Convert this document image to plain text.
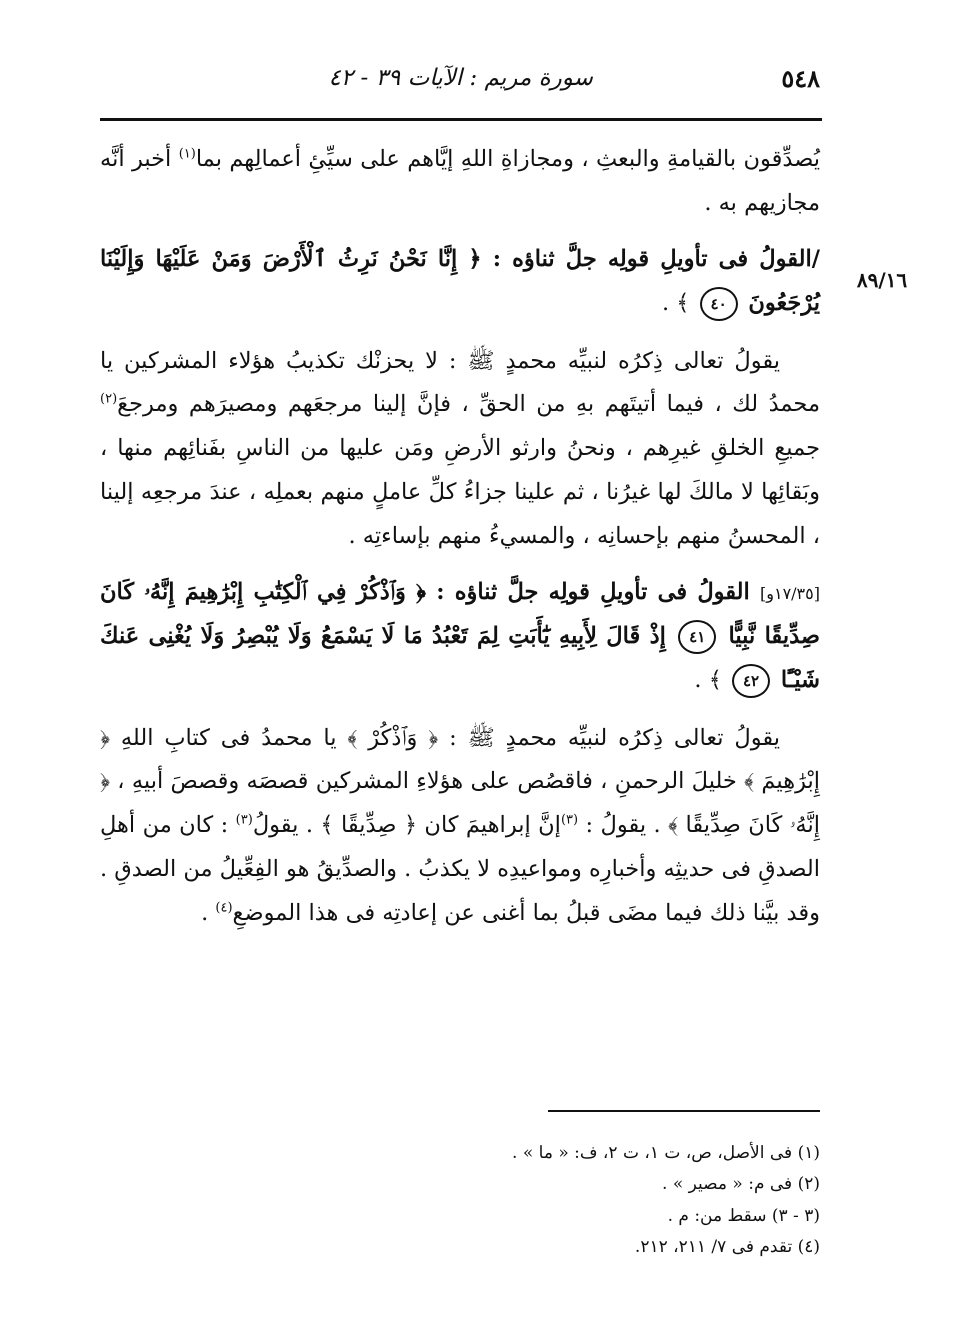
٥٤٨
سورة مريم : الآيات ٣٩ - ٤٢
٨٩/١٦

يُصدِّقون بالقيامةِ والبعثِ ، ومجازاةِ اللهِ إيَّاهم على سيِّئِ أعمالِهم بما$^{(١)}$ أخبر أنَّه مجازيهم به .

/القولُ فى تأويلِ قولِه جلَّ ثناؤه : ﴿ إِنَّا نَحْنُ نَرِثُ ٱلْأَرْضَ وَمَنْ عَلَيْهَا وَإِلَيْنَا يُرْجَعُونَ ٤٠ ﴾ .

يقولُ تعالى ذِكرُه لنبيِّه محمدٍ ﷺ : لا يحزنْك تكذيبُ هؤلاء المشركين يا محمدُ لك ، فيما أتيتَهم بهِ من الحقِّ ، فإنَّ إلينا مرجعَهم ومصيرَهم ومرجعَ$^{(٢)}$ جميعِ الخلقِ غيرِهم ، ونحنُ وارثو الأرضِ ومَن عليها من الناسِ بفَنائِهم منها ، وبَقائِها لا مالكَ لها غيرُنا ، ثم علينا جزاءُ كلِّ عاملٍ منهم بعملِه ، عندَ مرجعِه إلينا ، المحسنُ منهم بإحسانِه ، والمسيءُ منهم بإساءتِه .

[١٧/٣٥و] القولُ فى تأويلِ قولِه جلَّ ثناؤه : ﴿ وَٱذْكُرْ فِي ٱلْكِتَٰبِ إِبْرَٰهِيمَ إِنَّهُۥ كَانَ صِدِّيقًا نَّبِيًّا ٤١ إِذْ قَالَ لِأَبِيهِ يَٰٓأَبَتِ لِمَ تَعْبُدُ مَا لَا يَسْمَعُ وَلَا يُبْصِرُ وَلَا يُغْنِى عَنكَ شَيْـًٔا ٤٢ ﴾ .

يقولُ تعالى ذِكرُه لنبيِّه محمدٍ ﷺ : ﴿ وَٱذْكُرْ ﴾ يا محمدُ فى كتابِ اللهِ ﴿ إِبْرَٰهِيمَ ﴾ خليلَ الرحمنِ ، فاقصُص على هؤلاءِ المشركين قصصَه وقصصَ أبيهِ ، ﴿ إِنَّهُۥ كَانَ صِدِّيقًا ﴾ . يقولُ : $^{(٣)}$إنَّ إبراهيمَ كان ﴿ صِدِّيقًا ﴾ . يقولُ$^{(٣)}$ : كان من أهلِ الصدقِ فى حديثِه وأخبارِه ومواعيدِه لا يكذبُ . والصدِّيقُ هو الفِعِّيلُ من الصدقِ . وقد بيَّنا ذلك فيما مضَى قبلُ بما أغنى عن إعادتِه فى هذا الموضعِ$^{(٤)}$ .

(١) فى الأصل، ص، ت ١، ت ٢، ف: « ما » .

(٢) فى م: « مصير » .

(٣ - ٣) سقط من: م .

(٤) تقدم فى ٧/ ٢١١، ٢١٢.
